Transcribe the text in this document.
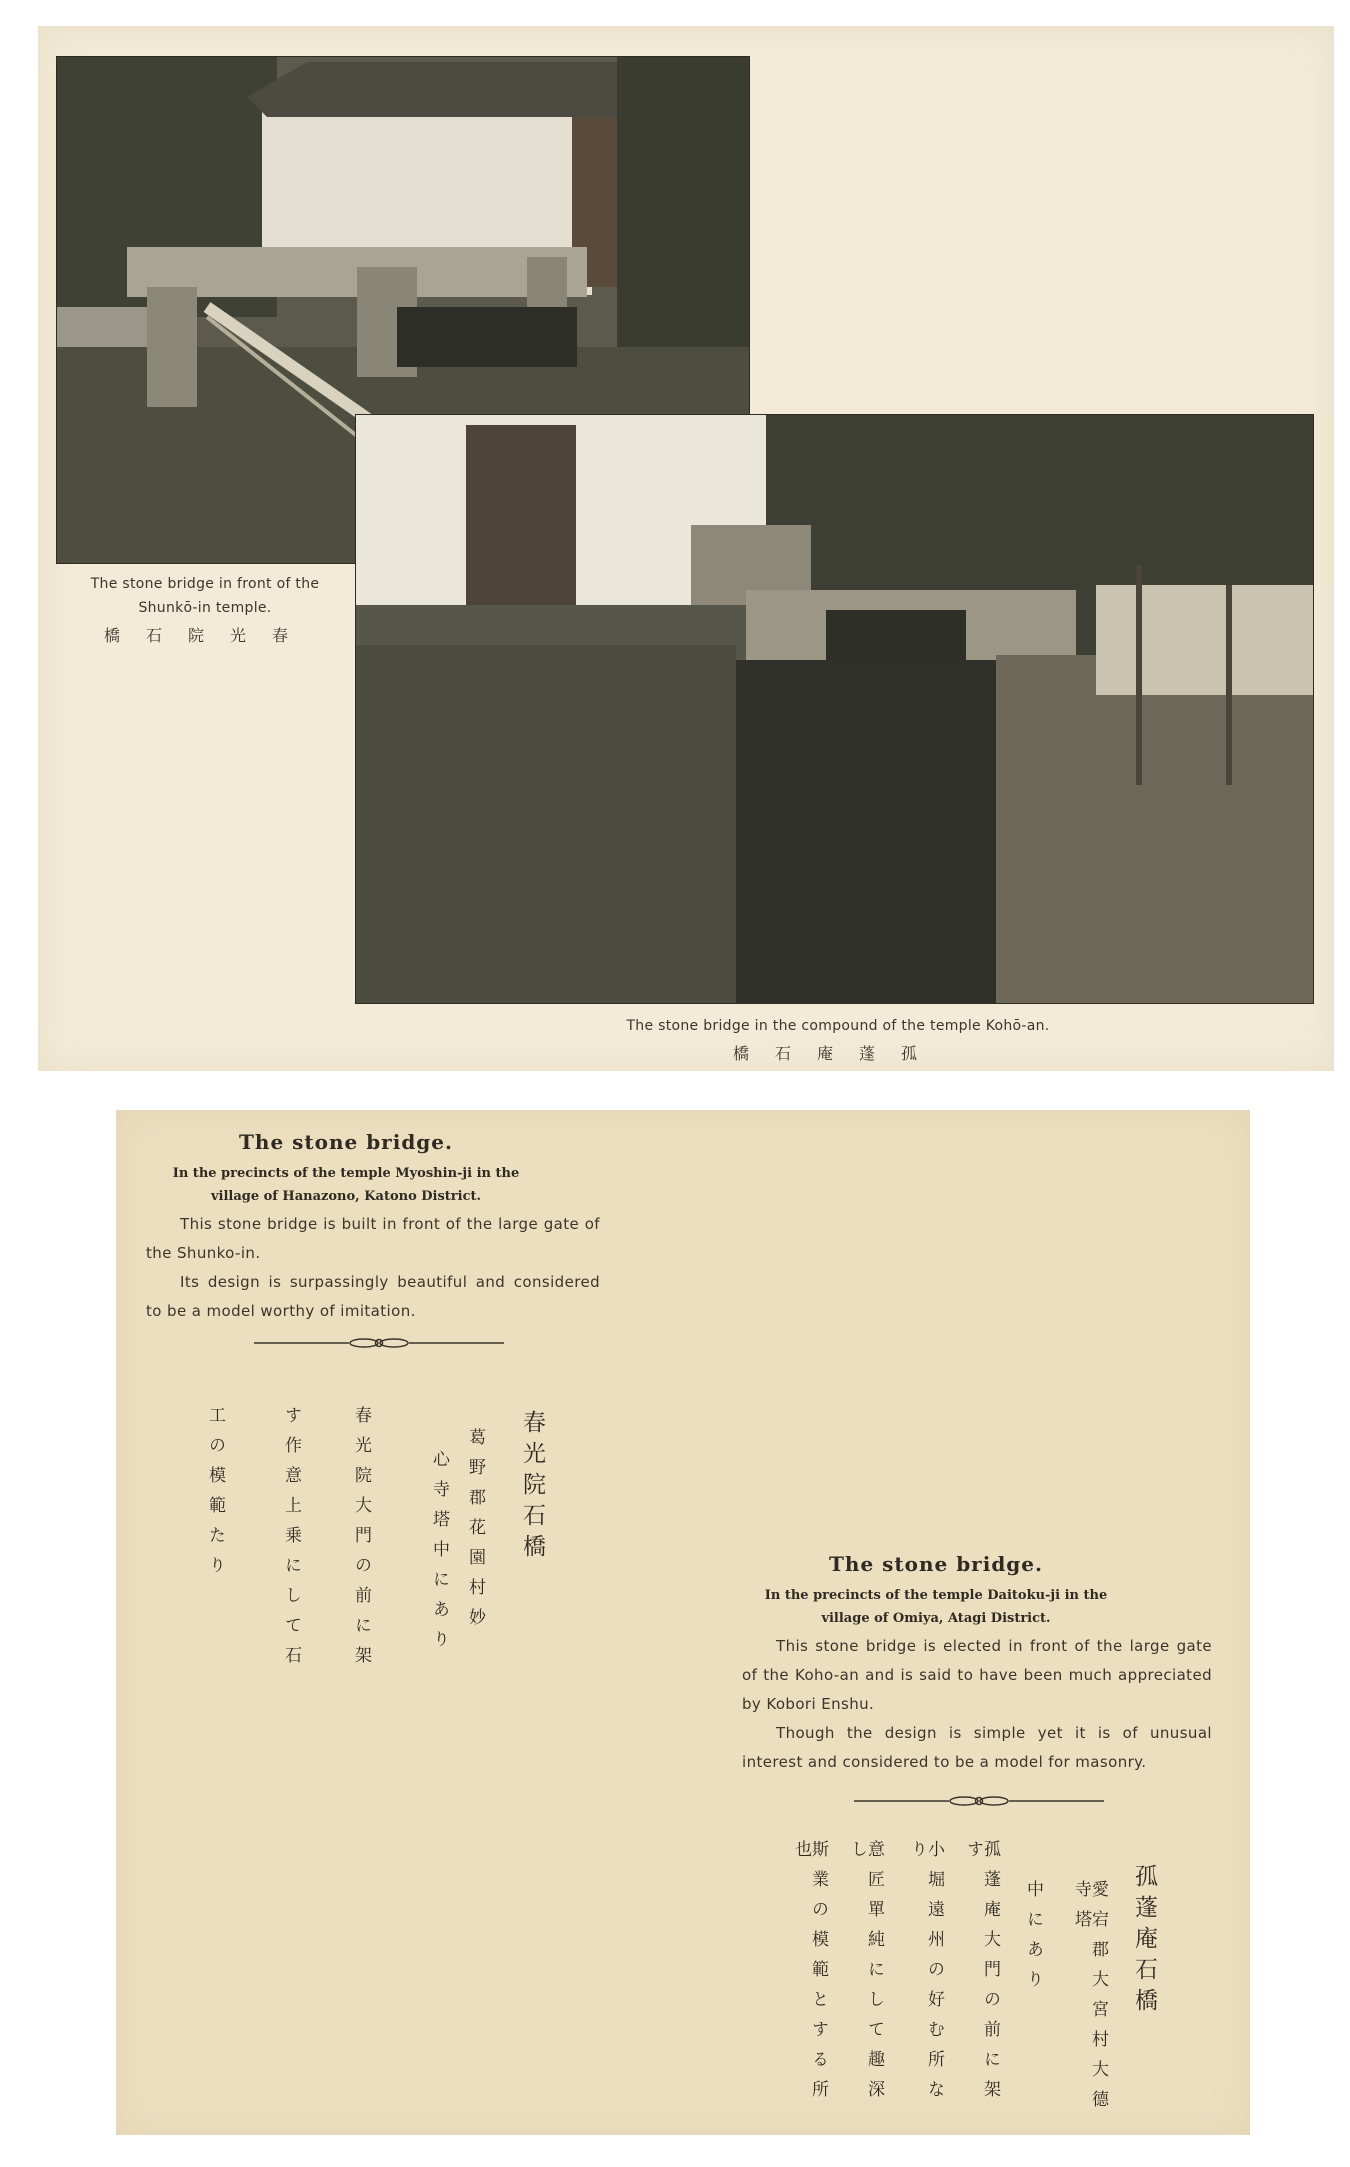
The stone bridge in front of the
Shunkō-in temple.
橋石院光春
The stone bridge in the compound of the temple Kohō-an.
橋石庵蓬孤
The stone bridge.
In the precincts of the temple Myoshin-ji in the
village of Hanazono, Katono District.

This stone bridge is built in front of the large gate of the Shunko-in.

Its design is surpassingly beautiful and considered to be a model worthy of imitation.

春光院石橋
葛野郡花園村妙
心寺塔中にあり
春光院大門の前に架
す作意上乗にして石
工の模範たり	The stone bridge.
In the precincts of the temple Daitoku-ji in the
village of Omiya, Atagi District.

This stone bridge is elected in front of the large gate of the Koho-an and is said to have been much appreciated by Kobori Enshu.

Though the design is simple yet it is of unusual interest and considered to be a model for masonry.

孤蓬庵石橋
愛宕郡大宮村大德寺塔
中にあり
孤蓬庵大門の前に架す
小堀遠州の好む所なり
意匠單純にして趣深し
斯業の模範とする所也
